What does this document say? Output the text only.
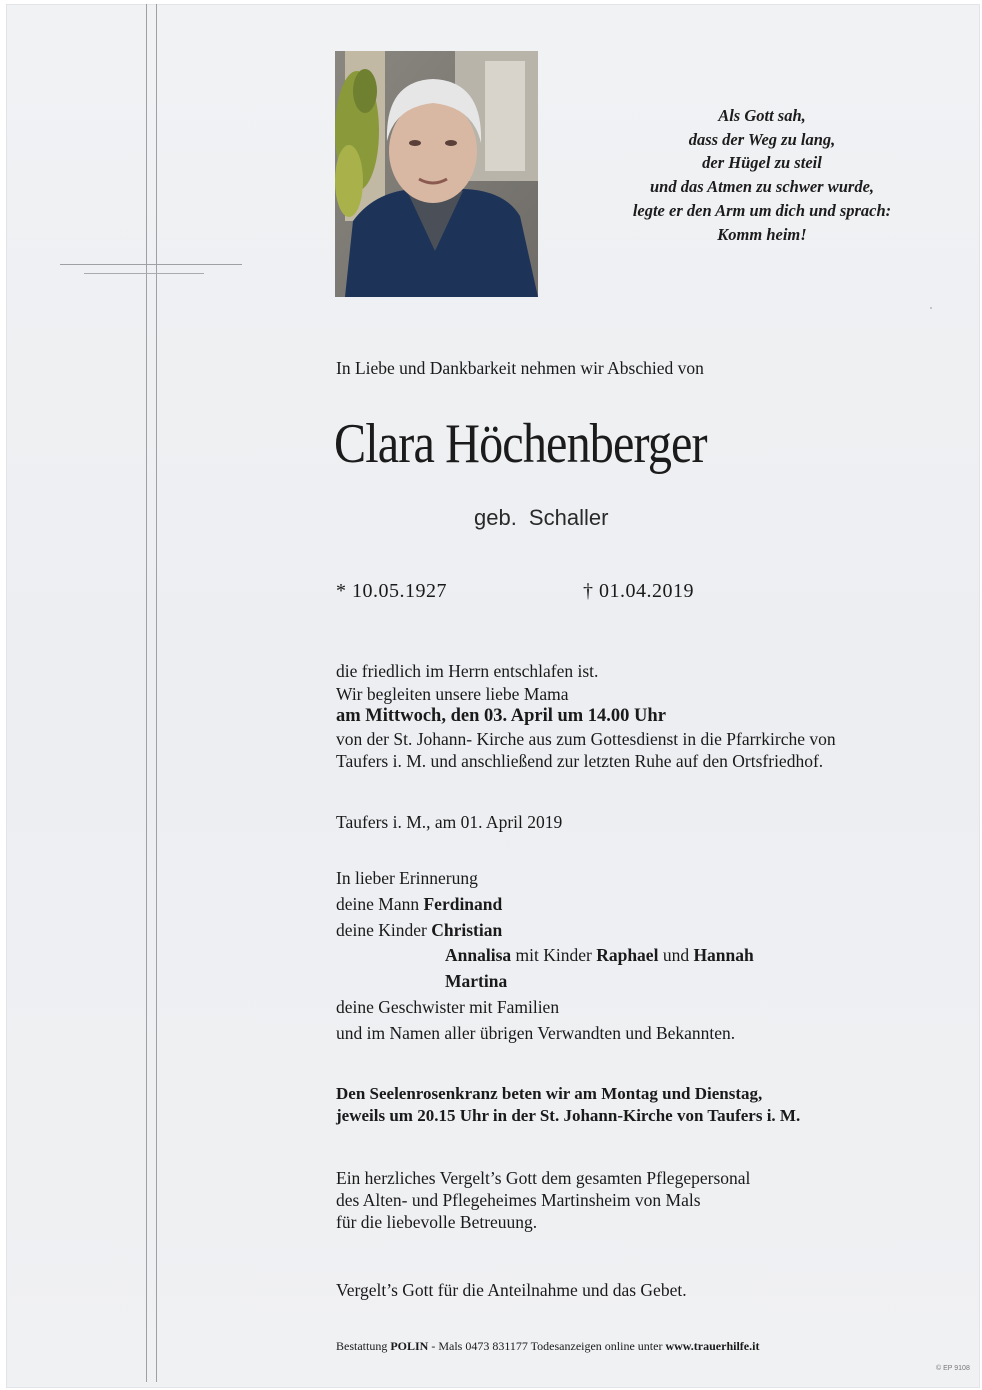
Als Gott sah,
dass der Weg zu lang,
der Hügel zu steil
und das Atmen zu schwer wurde,
legte er den Arm um dich und sprach:
Komm heim!
In Liebe und Dankbarkeit nehmen wir Abschied von
Clara Höchenberger
geb. Schaller
* 10.05.1927	† 01.04.2019
die friedlich im Herrn entschlafen ist.
Wir begleiten unsere liebe Mama
am Mittwoch, den 03. April um 14.00 Uhr
von der St. Johann- Kirche aus zum Gottesdienst in die Pfarrkirche von
Taufers i. M. und anschließend zur letzten Ruhe auf den Ortsfriedhof.
Taufers i. M., am 01. April 2019
In lieber Erinnerung
deine Mann Ferdinand
deine Kinder Christian
Annalisa mit Kinder Raphael und Hannah
Martina
deine Geschwister mit Familien
und im Namen aller übrigen Verwandten und Bekannten.
Den Seelenrosenkranz beten wir am Montag und Dienstag,
jeweils um 20.15 Uhr in der St. Johann-Kirche von Taufers i. M.
Ein herzliches Vergelt’s Gott dem gesamten Pflegepersonal
des Alten- und Pflegeheimes Martinsheim von Mals
für die liebevolle Betreuung.
Vergelt’s Gott für die Anteilnahme und das Gebet.
Bestattung POLIN - Mals 0473 831177 Todesanzeigen online unter www.trauerhilfe.it
© EP 9108
